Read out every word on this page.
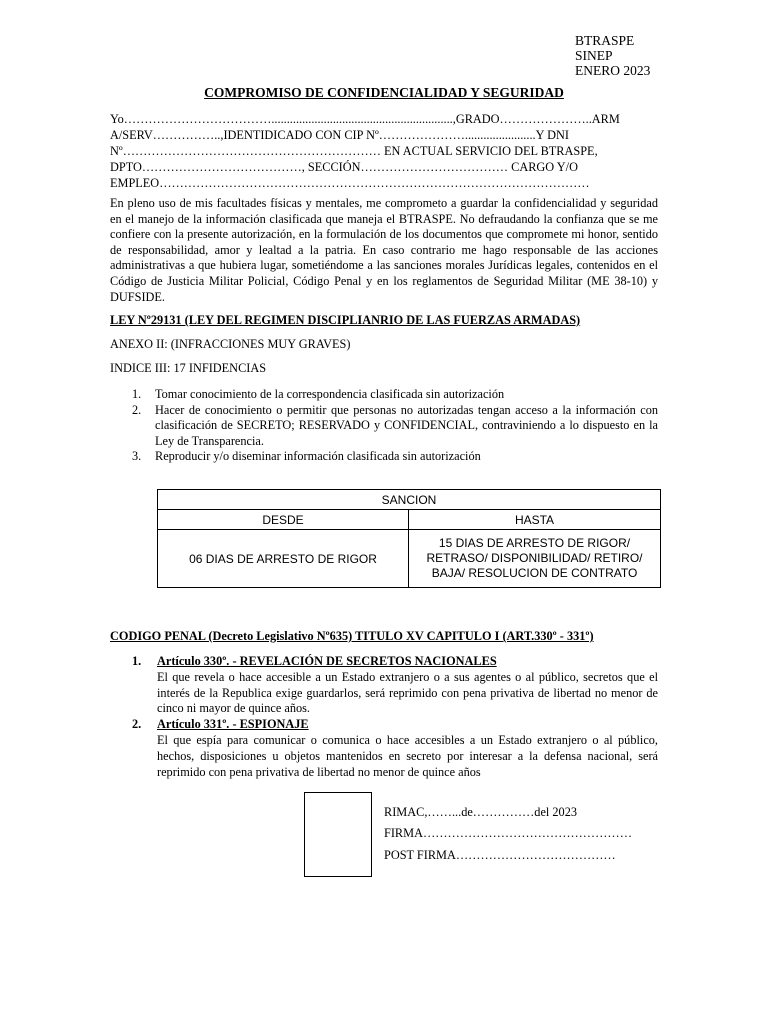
BTRASPE
SINEP
ENERO 2023
COMPROMISO DE CONFIDENCIALIDAD Y SEGURIDAD
Yo………………………………...........................................................,GRADO…………………..ARM
A/SERV……………..,IDENTIDICADO CON CIP Nº………………….......................Y DNI
Nº……………………………………………………… EN ACTUAL SERVICIO DEL BTRASPE,
DPTO…………………………………, SECCIÓN……………………………… CARGO Y/O
EMPLEO……………………………………………………………………………………………
En pleno uso de mis facultades físicas y mentales, me comprometo a guardar la confidencialidad y seguridad en el manejo de la información clasificada que maneja el BTRASPE. No defraudando la confianza que se me confiere con la presente autorización, en la formulación de los documentos que compromete mi honor, sentido de responsabilidad, amor y lealtad a la patria. En caso contrario me hago responsable de las acciones administrativas a que hubiera lugar, sometiéndome a las sanciones morales Jurídicas legales, contenidos en el Código de Justicia Militar Policial, Código Penal y en los reglamentos de Seguridad Militar (ME 38-10) y DUFSIDE.
LEY Nº29131 (LEY DEL REGIMEN DISCIPLIANRIO DE LAS FUERZAS ARMADAS)
ANEXO II: (INFRACCIONES MUY GRAVES)
INDICE III: 17 INFIDENCIAS
1. Tomar conocimiento de la correspondencia clasificada sin autorización
2. Hacer de conocimiento o permitir que personas no autorizadas tengan acceso a la información con clasificación de SECRETO; RESERVADO y CONFIDENCIAL, contraviniendo a lo dispuesto en la Ley de Transparencia.
3. Reproducir y/o diseminar información clasificada sin autorización
SANCION	
DESDE	HASTA
06 DIAS DE ARRESTO DE RIGOR	15 DIAS DE ARRESTO DE RIGOR/ RETRASO/ DISPONIBILIDAD/ RETIRO/ BAJA/ RESOLUCION DE CONTRATO
CODIGO PENAL (Decreto Legislativo Nº635) TITULO XV CAPITULO I (ART.330º - 331º)
1. Artículo 330º. - REVELACIÓN DE SECRETOS NACIONALES
El que revela o hace accesible a un Estado extranjero o a sus agentes o al público, secretos que el interés de la Republica exige guardarlos, será reprimido con pena privativa de libertad no menor de cinco ni mayor de quince años.
2. Artículo 331º. - ESPIONAJE
El que espía para comunicar o comunica o hace accesibles a un Estado extranjero o al público, hechos, disposiciones u objetos mantenidos en secreto por interesar a la defensa nacional, será reprimido con pena privativa de libertad no menor de quince años
RIMAC,……...de……………del 2023
FIRMA……………………………………………
POST FIRMA…………………………………
